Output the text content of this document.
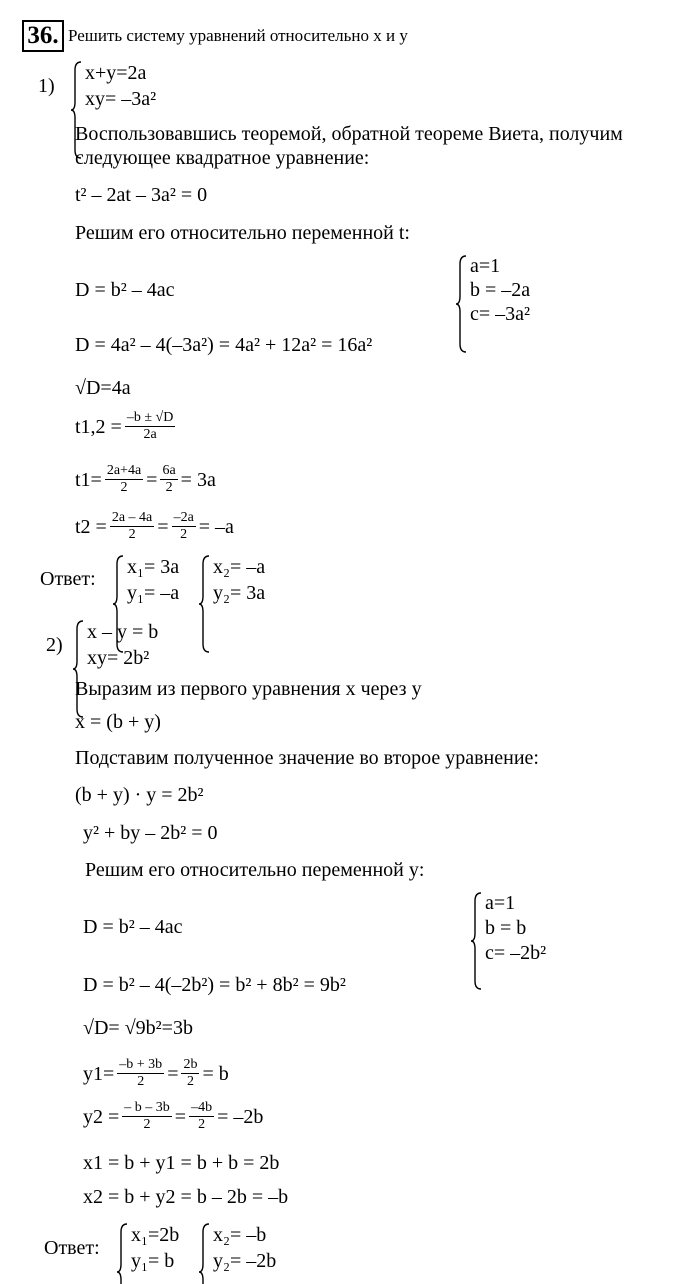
36. Решить систему уравнений относительно x и y
1)
x+y=2a
xy= –3a²
Воспользовавшись теоремой, обратной теореме Виета, получим
следующее квадратное уравнение:
t² – 2at – 3a² = 0
Решим его относительно переменной t:
D = b² – 4ac
a=1
b = –2a
c= –3a²
D = 4a² – 4(–3a²) = 4a² + 12a² = 16a²
√D=4a
$t1,2 = \frac{-b \pm √D}{2a}$
$t1= \frac{2a+4a}{2} = \frac{6a}{2} = 3a$
$t2 = \frac{2a - 4a}{2} = \frac{-2a}{2} = -a$
Ответ:
x₁= 3a
y₁= –a
x₂= –a
y₂= 3a
2)
x – y = b
xy= 2b²
Выразим из первого уравнения x через y
x = (b + y)
Подставим полученное значение во второе уравнение:
(b + y) · y = 2b²
y² + by – 2b² = 0
Решим его относительно переменной y:
D = b² – 4ac
a=1
b = b
c= –2b²
D = b² – 4(–2b²) = b² + 8b² = 9b²
√D= √9b²=3b
$y1= \frac{-b + 3b}{2} = \frac{2b}{2} = b$
$y2 = \frac{- b - 3b}{2} = \frac{-4b}{2} = -2b$
x1 = b + y1 = b + b = 2b
x2 = b + y2 = b – 2b = –b
Ответ:
x₁=2b
y₁= b
x₂= –b
y₂= –2b
